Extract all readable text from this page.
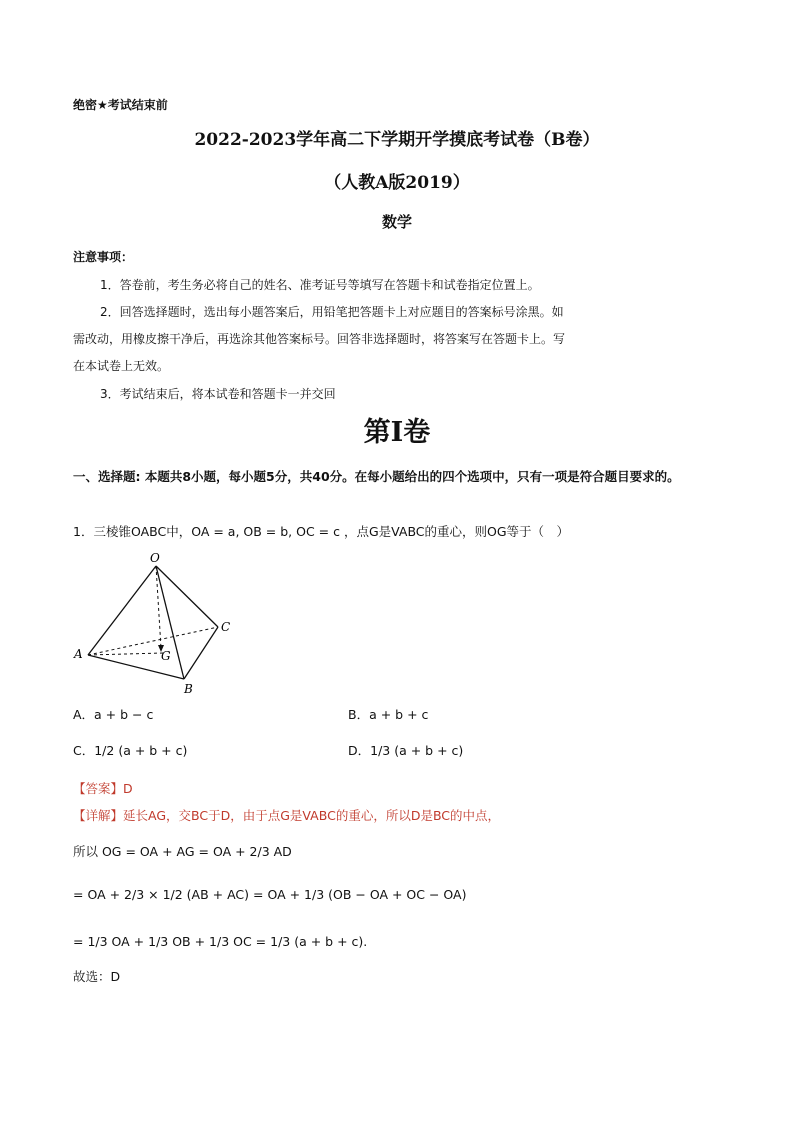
绝密★考试结束前
2022-2023学年高二下学期开学摸底考试卷（B卷）
（人教A版2019）
数学
注意事项：
1．答卷前，考生务必将自己的姓名、准考证号等填写在答题卡和试卷指定位置上。
2．回答选择题时，选出每小题答案后，用铅笔把答题卡上对应题目的答案标号涂黑。如
需改动，用橡皮擦干净后，再选涂其他答案标号。回答非选择题时，将答案写在答题卡上。写
在本试卷上无效。
3．考试结束后，将本试卷和答题卡一并交回
第I卷
一、选择题: 本题共8小题，每小题5分，共40分。在每小题给出的四个选项中，只有一项是符合题目要求的。
1．三棱锥OABC中，OA = a, OB = b, OC = c ，点G是VABC的重心，则OG等于（　）
O
A
B
C
G
A．a + b − c	B．a + b + c
C．1/2 (a + b + c)	D．1/3 (a + b + c)
【答案】D
【详解】延长AG，交BC于D，由于点G是VABC的重心，所以D是BC的中点，
所以 OG = OA + AG = OA + 2/3 AD
= OA + 2/3 × 1/2 (AB + AC) = OA + 1/3 (OB − OA + OC − OA)
= 1/3 OA + 1/3 OB + 1/3 OC = 1/3 (a + b + c).
故选：D
